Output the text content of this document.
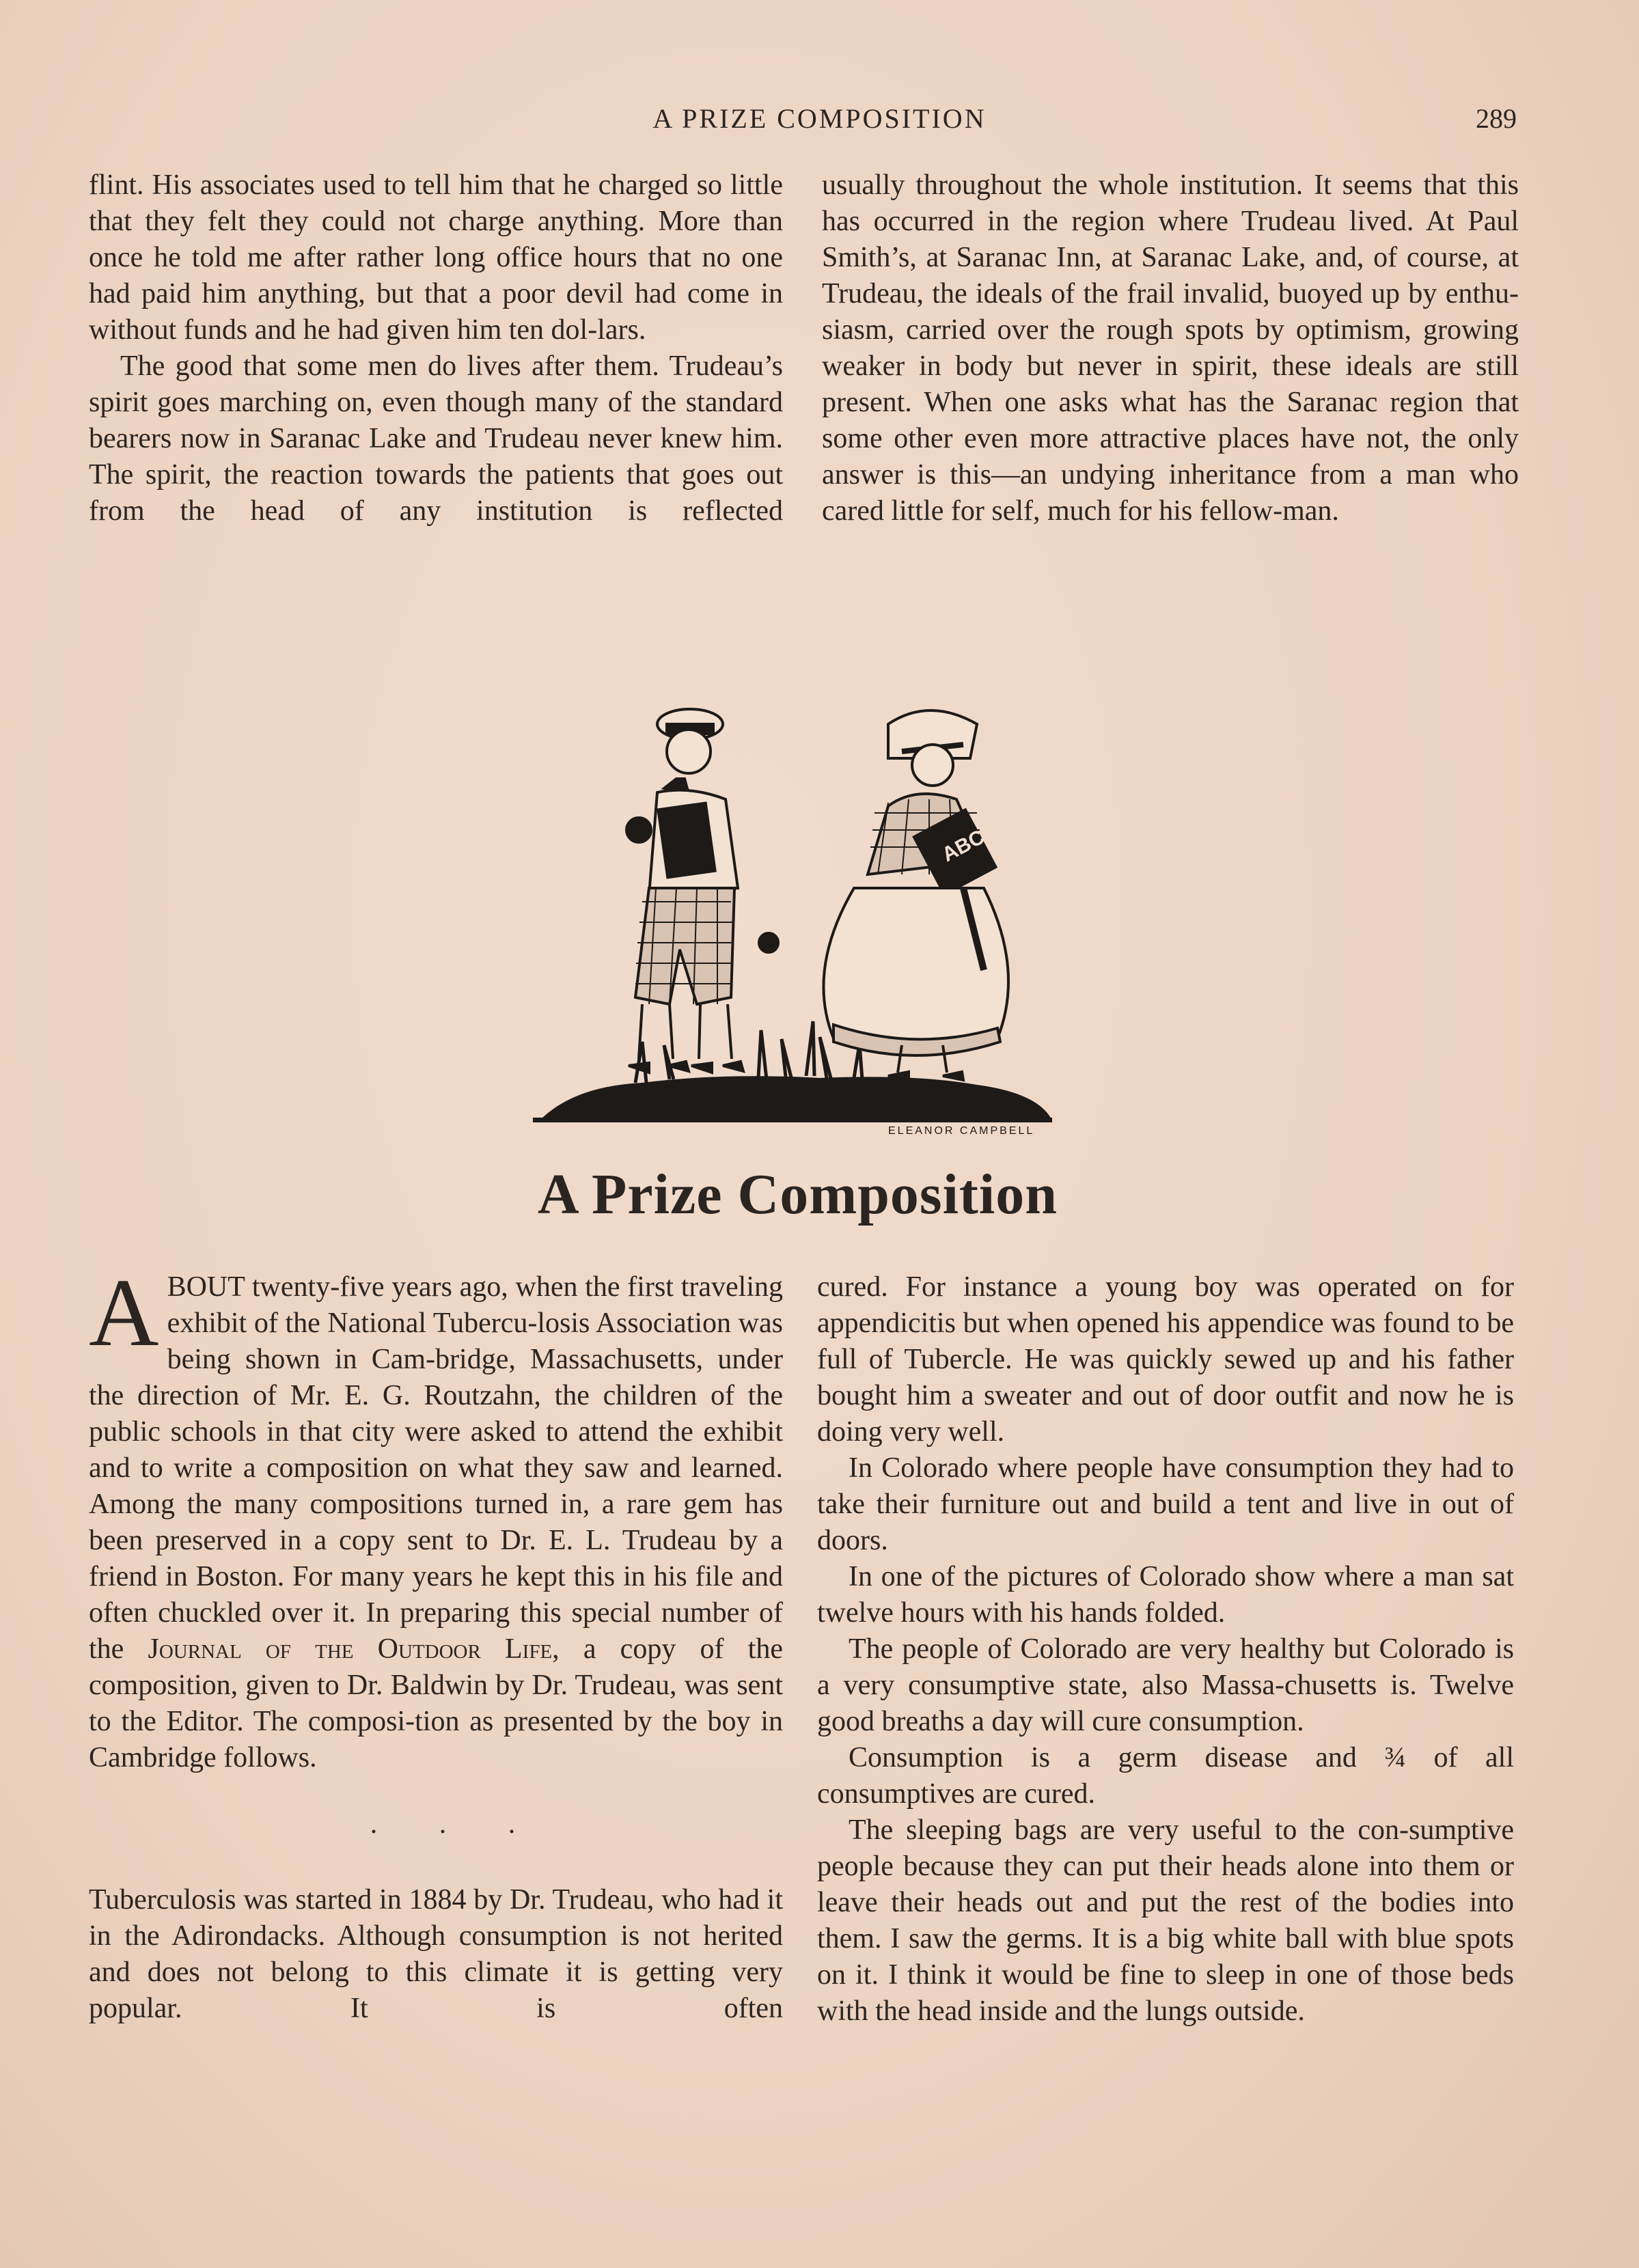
A PRIZE COMPOSITION	289

flint. His associates used to tell him that he charged so little that they felt they could not charge anything. More than once he told me after rather long office hours that no one had paid him anything, but that a poor devil had come in without funds and he had given him ten dol-lars.

The good that some men do lives after them. Trudeau’s spirit goes marching on, even though many of the standard bearers now in Saranac Lake and Trudeau never knew him. The spirit, the reaction towards the patients that goes out from the head of any institution is reflected

usually throughout the whole institution. It seems that this has occurred in the region where Trudeau lived. At Paul Smith’s, at Saranac Inn, at Saranac Lake, and, of course, at Trudeau, the ideals of the frail invalid, buoyed up by enthu-siasm, carried over the rough spots by optimism, growing weaker in body but never in spirit, these ideals are still present. When one asks what has the Saranac region that some other even more attractive places have not, the only answer is this—an undying inheritance from a man who cared little for self, much for his fellow-man.

ABC
ELEANOR CAMPBELL
A Prize Composition

ABOUT twenty-five years ago, when the first traveling exhibit of the National Tubercu-losis Association was being shown in Cam-bridge, Massachusetts, under the direction of Mr. E. G. Routzahn, the children of the public schools in that city were asked to attend the exhibit and to write a composition on what they saw and learned. Among the many compositions turned in, a rare gem has been preserved in a copy sent to Dr. E. L. Trudeau by a friend in Boston. For many years he kept this in his file and often chuckled over it. In preparing this special number of the Journal of the Outdoor Life, a copy of the composition, given to Dr. Baldwin by Dr. Trudeau, was sent to the Editor. The composi-tion as presented by the boy in Cambridge follows.

. . .

Tuberculosis was started in 1884 by Dr. Trudeau, who had it in the Adirondacks. Although consumption is not herited and does not belong to this climate it is getting very popular. It is often

cured. For instance a young boy was operated on for appendicitis but when opened his appendice was found to be full of Tubercle. He was quickly sewed up and his father bought him a sweater and out of door outfit and now he is doing very well.

In Colorado where people have consumption they had to take their furniture out and build a tent and live in out of doors.

In one of the pictures of Colorado show where a man sat twelve hours with his hands folded.

The people of Colorado are very healthy but Colorado is a very consumptive state, also Massa-chusetts is. Twelve good breaths a day will cure consumption.

Consumption is a germ disease and ¾ of all consumptives are cured.

The sleeping bags are very useful to the con-sumptive people because they can put their heads alone into them or leave their heads out and put the rest of the bodies into them. I saw the germs. It is a big white ball with blue spots on it. I think it would be fine to sleep in one of those beds with the head inside and the lungs outside.
